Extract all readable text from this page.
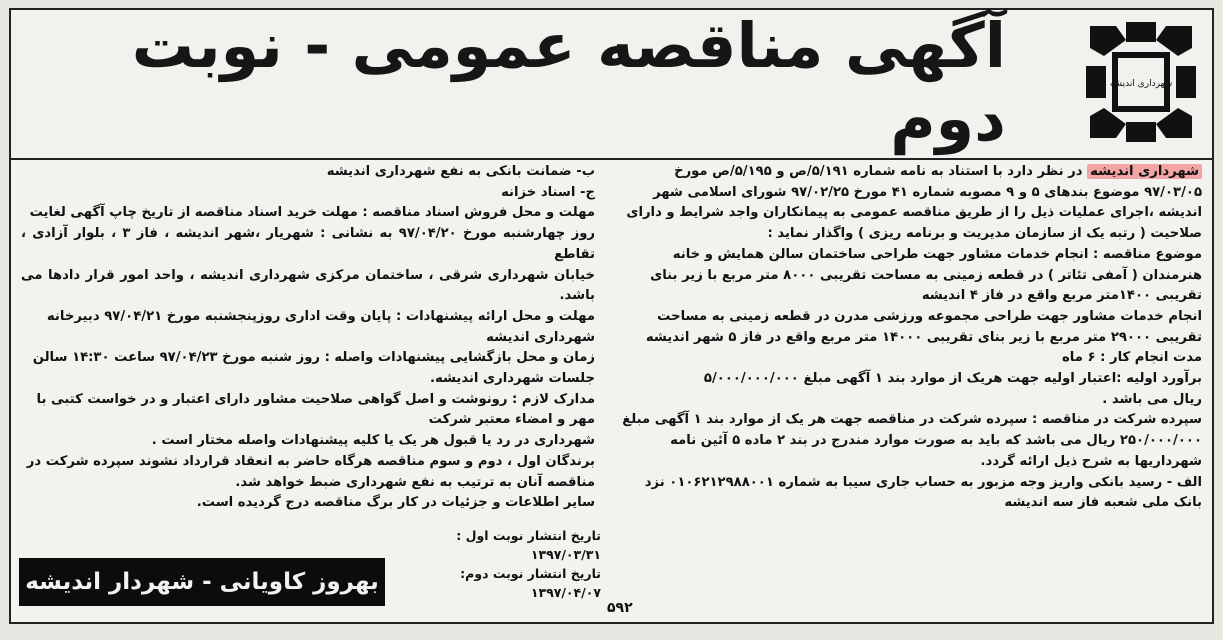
آگهی مناقصه عمومی - نوبت دوم	شهرداری اندیشه

شهرداری اندیشه در نظر دارد با استناد به نامه شماره ۵/۱۹۱/ص و ۵/۱۹۵/ص مورخ

۹۷/۰۳/۰۵ موضوع بندهای ۵ و ۹ مصوبه شماره ۴۱ مورخ ۹۷/۰۲/۲۵ شورای اسلامی شهر

اندیشه ،اجرای عملیات ذیل را از طریق مناقصه عمومی به پیمانکاران واجد شرایط و دارای

صلاحیت ( رتبه یک از سازمان مدیریت و برنامه ریزی ) واگذار نماید :

موضوع مناقصه : انجام خدمات مشاور جهت طراحی ساختمان سالن همایش و خانه

هنرمندان ( آمفی تئاتر ) در قطعه زمینی به مساحت تقریبی ۸۰۰۰ متر مربع با زیر بنای

تقریبی ۱۴۰۰متر مربع واقع در فاز ۴ اندیشه

انجام خدمات مشاور جهت طراحی مجموعه ورزشی مدرن در قطعه زمینی به مساحت

تقریبی ۲۹۰۰۰ متر مربع با زیر بنای تقریبی ۱۴۰۰۰ متر مربع واقع در فاز ۵ شهر اندیشه

مدت انجام کار : ۶ ماه

برآورد اولیه :اعتبار اولیه جهت هریک از موارد بند ۱ آگهی مبلغ ۵/۰۰۰/۰۰۰/۰۰۰

ریال می باشد .

سپرده شرکت در مناقصه : سپرده شرکت در مناقصه جهت هر یک از موارد بند ۱ آگهی مبلغ

۲۵۰/۰۰۰/۰۰۰ ریال می باشد که باید به صورت موارد مندرج در بند ۲ ماده ۵ آئین نامه

شهرداریها به شرح ذیل ارائه گردد.

الف - رسید بانکی واریز وجه مزبور به حساب جاری سیبا به شماره ۰۱۰۶۲۱۲۹۸۸۰۰۱ نزد

بانک ملی شعبه فاز سه اندیشه

ب- ضمانت بانکی به نفع شهرداری اندیشه

ج- اسناد خزانه

مهلت و محل فروش اسناد مناقصه : مهلت خرید اسناد مناقصه از تاریخ چاپ آگهی لغایت

روز چهارشنبه مورخ ۹۷/۰۴/۲۰ به نشانی : شهریار ،شهر اندیشه ، فاز ۳ ، بلوار آزادی ، تقاطع

خیابان شهرداری شرقی ، ساختمان مرکزی شهرداری اندیشه ، واحد امور قرار دادها می باشد.

مهلت و محل ارائه پیشنهادات : پایان وقت اداری روزپنجشنبه مورخ ۹۷/۰۴/۲۱ دبیرخانه

شهرداری اندیشه

زمان و محل بازگشایی پیشنهادات واصله : روز شنبه مورخ ۹۷/۰۴/۲۳ ساعت ۱۴:۳۰ سالن

جلسات شهرداری اندیشه.

مدارک لازم : رونوشت و اصل گواهی صلاحیت مشاور دارای اعتبار و در خواست کتبی با

مهر و امضاء معتبر شرکت

شهرداری در رد یا قبول هر یک یا کلیه پیشنهادات واصله مختار است .

برندگان اول ، دوم و سوم مناقصه هرگاه حاضر به انعقاد قرارداد نشوند سپرده شرکت در

مناقصه آنان به ترتیب به نفع شهرداری ضبط خواهد شد.

سایر اطلاعات و جزئیات در کار برگ مناقصه درج گردیده است.

بهروز کاویانی - شهردار اندیشه
تاریخ انتشار نوبت اول : ۱۳۹۷/۰۳/۳۱
تاریخ انتشار نوبت دوم: ۱۳۹۷/۰۴/۰۷
۵۹۲
